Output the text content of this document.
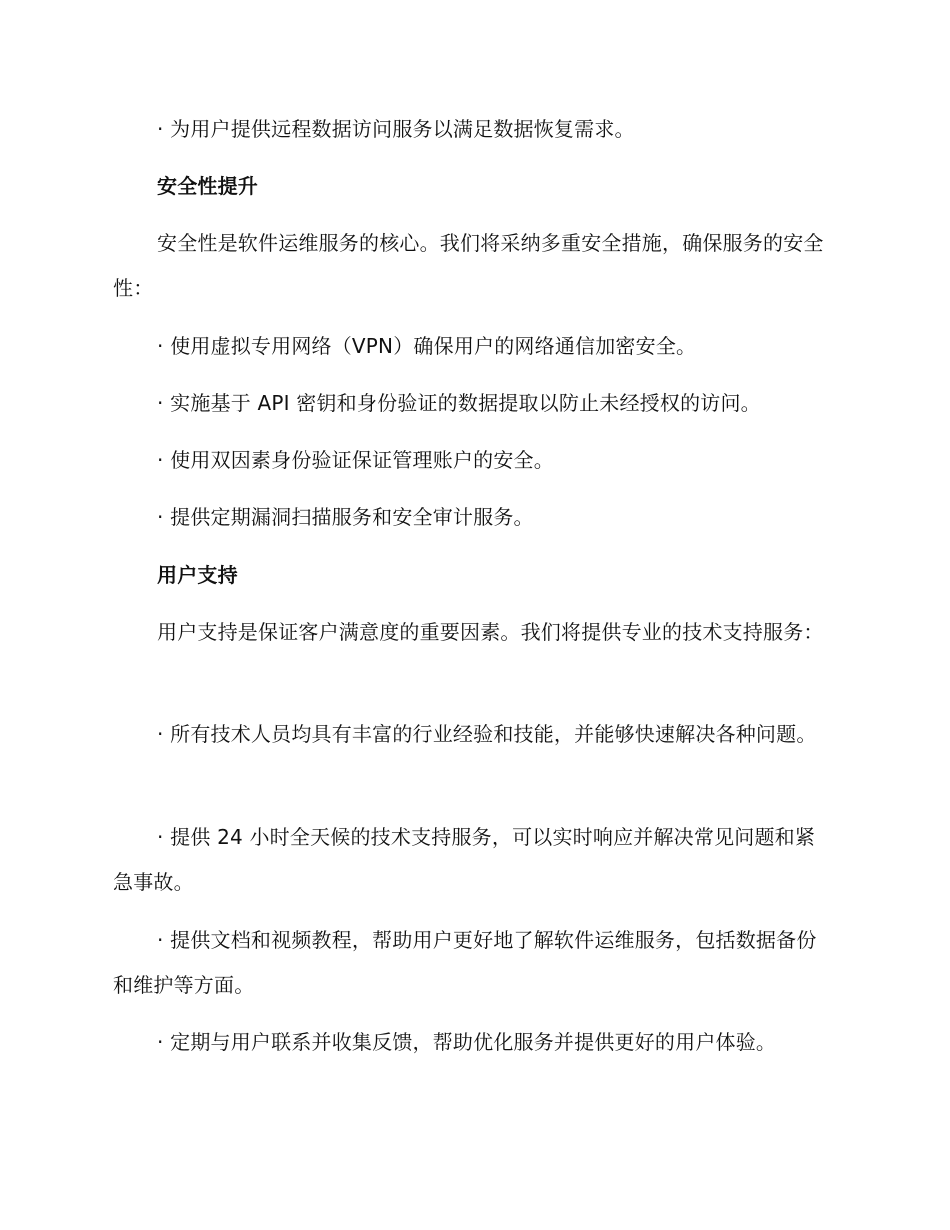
· 为用户提供远程数据访问服务以满足数据恢复需求。
安全性提升
安全性是软件运维服务的核心。我们将采纳多重安全措施，确保服务的安全性：
· 使用虚拟专用网络（VPN）确保用户的网络通信加密安全。
· 实施基于 API 密钥和身份验证的数据提取以防止未经授权的访问。
· 使用双因素身份验证保证管理账户的安全。
· 提供定期漏洞扫描服务和安全审计服务。
用户支持
用户支持是保证客户满意度的重要因素。我们将提供专业的技术支持服务：
· 所有技术人员均具有丰富的行业经验和技能，并能够快速解决各种问题。
· 提供 24 小时全天候的技术支持服务，可以实时响应并解决常见问题和紧急事故。
· 提供文档和视频教程，帮助用户更好地了解软件运维服务，包括数据备份和维护等方面。
· 定期与用户联系并收集反馈，帮助优化服务并提供更好的用户体验。
